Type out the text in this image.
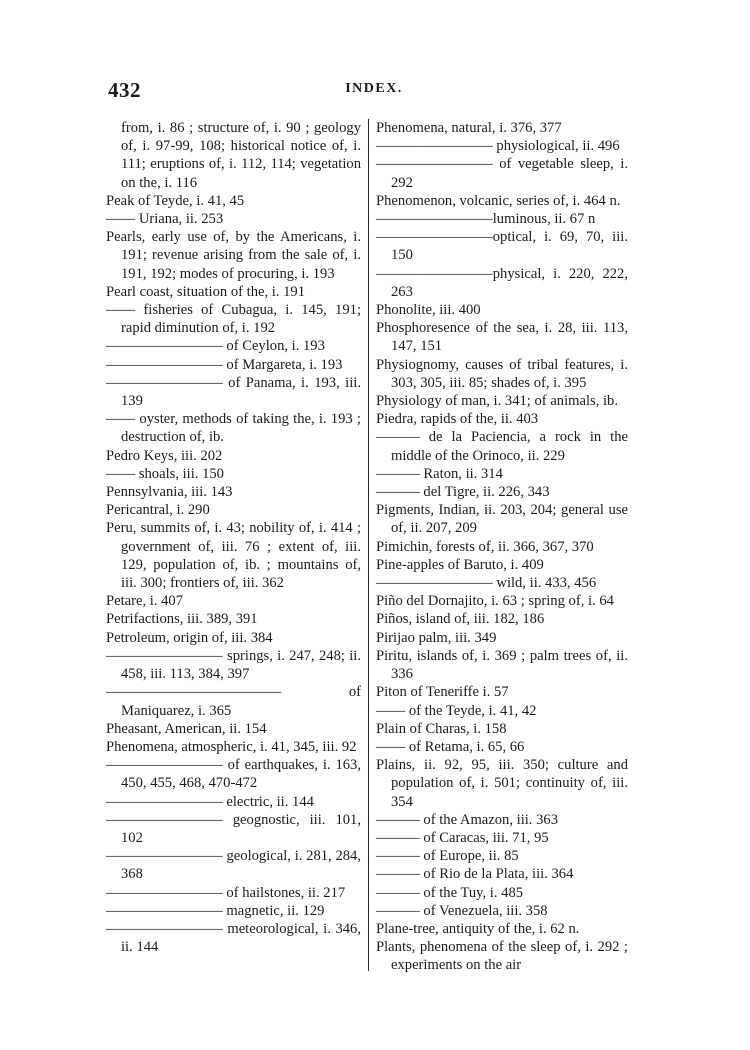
432	INDEX.

from, i. 86 ; structure of, i. 90 ; geology of, i. 97-99, 108; historical notice of, i. 111; eruptions of, i. 112, 114; vegetation on the, i. 116

Peak of Teyde, i. 41, 45

—— Uriana, ii. 253

Pearls, early use of, by the Americans, i. 191; revenue arising from the sale of, i. 191, 192; modes of procuring, i. 193

Pearl coast, situation of the, i. 191

—— fisheries of Cubagua, i. 145, 191; rapid diminution of, i. 192

———————— of Ceylon, i. 193

———————— of Margareta, i. 193

———————— of Panama, i. 193, iii. 139

—— oyster, methods of taking the, i. 193 ; destruction of, ib.

Pedro Keys, iii. 202

—— shoals, iii. 150

Pennsylvania, iii. 143

Pericantral, i. 290

Peru, summits of, i. 43; nobility of, i. 414 ; government of, iii. 76 ; extent of, iii. 129, population of, ib. ; mountains of, iii. 300; frontiers of, iii. 362

Petare, i. 407

Petrifactions, iii. 389, 391

Petroleum, origin of, iii. 384

———————— springs, i. 247, 248; ii. 458, iii. 113, 384, 397

———————————— of Maniquarez, i. 365

Pheasant, American, ii. 154

Phenomena, atmospheric, i. 41, 345, iii. 92

———————— of earthquakes, i. 163, 450, 455, 468, 470-472

———————— electric, ii. 144

———————— geognostic, iii. 101, 102

———————— geological, i. 281, 284, 368

———————— of hailstones, ii. 217

———————— magnetic, ii. 129

———————— meteorological, i. 346, ii. 144

Phenomena, natural, i. 376, 377

———————— physiological, ii. 496

———————— of vegetable sleep, i. 292

Phenomenon, volcanic, series of, i. 464 n.

————————luminous, ii. 67 n

————————optical, i. 69, 70, iii. 150

————————physical, i. 220, 222, 263

Phonolite, iii. 400

Phosphoresence of the sea, i. 28, iii. 113, 147, 151

Physiognomy, causes of tribal features, i. 303, 305, iii. 85; shades of, i. 395

Physiology of man, i. 341; of animals, ib.

Piedra, rapids of the, ii. 403

——— de la Paciencia, a rock in the middle of the Orinoco, ii. 229

——— Raton, ii. 314

——— del Tigre, ii. 226, 343

Pigments, Indian, ii. 203, 204; general use of, ii. 207, 209

Pimichin, forests of, ii. 366, 367, 370

Pine-apples of Baruto, i. 409

———————— wild, ii. 433, 456

Piño del Dornajito, i. 63 ; spring of, i. 64

Piños, island of, iii. 182, 186

Pirijao palm, iii. 349

Piritu, islands of, i. 369 ; palm trees of, ii. 336

Piton of Teneriffe i. 57

—— of the Teyde, i. 41, 42

Plain of Charas, i. 158

—— of Retama, i. 65, 66

Plains, ii. 92, 95, iii. 350; culture and population of, i. 501; continuity of, iii. 354

——— of the Amazon, iii. 363

——— of Caracas, iii. 71, 95

——— of Europe, ii. 85

——— of Rio de la Plata, iii. 364

——— of the Tuy, i. 485

——— of Venezuela, iii. 358

Plane-tree, antiquity of the, i. 62 n.

Plants, phenomena of the sleep of, i. 292 ; experiments on the air
